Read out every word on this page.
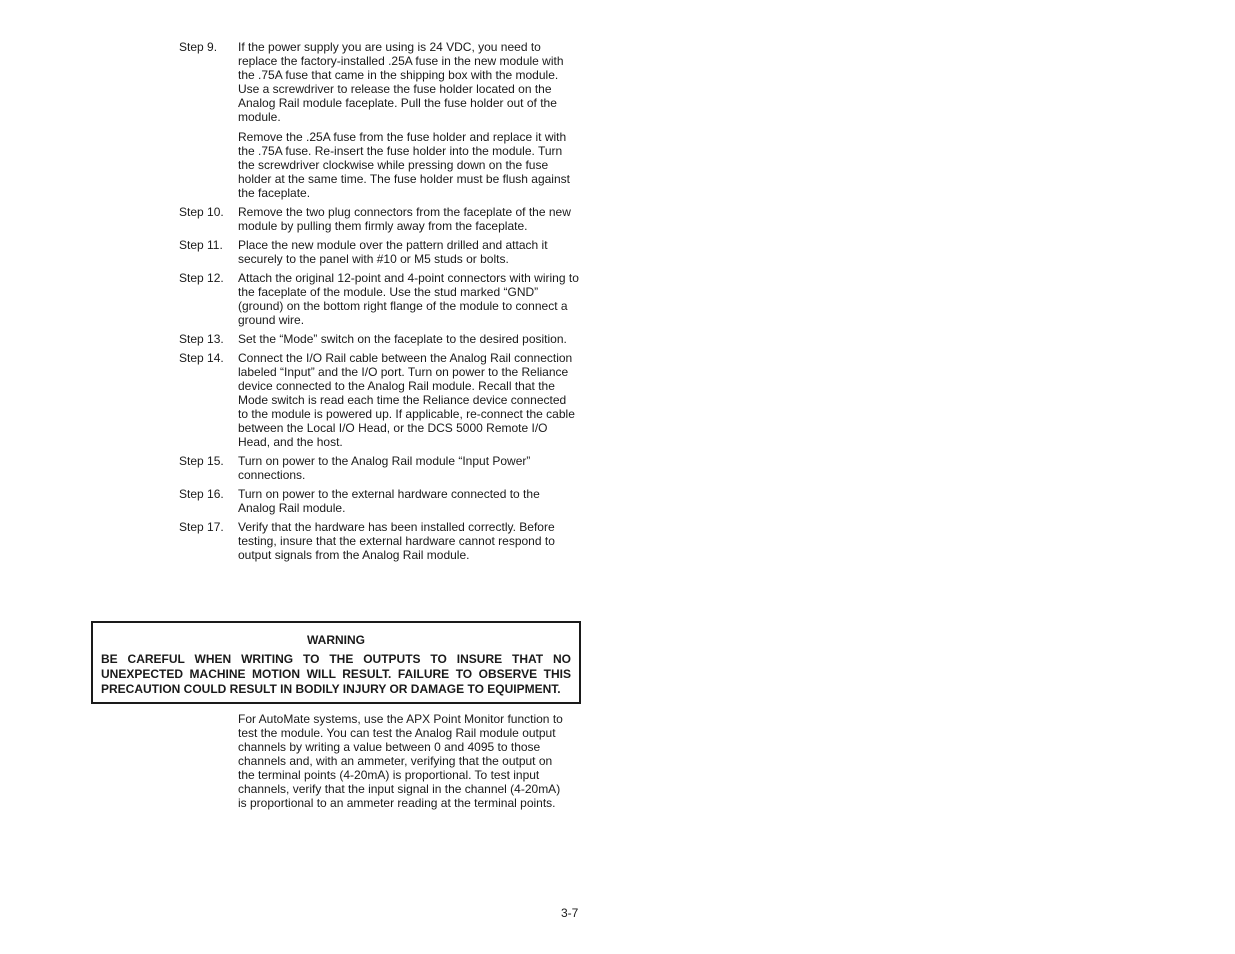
Step 9.	If the power supply you are using is 24 VDC, you need to replace the factory-installed .25A fuse in the new module with the .75A fuse that came in the shipping box with the module. Use a screwdriver to release the fuse holder located on the Analog Rail module faceplate. Pull the fuse holder out of the module.

Remove the .25A fuse from the fuse holder and replace it with the .75A fuse. Re-insert the fuse holder into the module. Turn the screwdriver clockwise while pressing down on the fuse holder at the same time. The fuse holder must be flush against the faceplate.

Step 10.	Remove the two plug connectors from the faceplate of the new module by pulling them firmly away from the faceplate.

Step 11.	Place the new module over the pattern drilled and attach it securely to the panel with #10 or M5 studs or bolts.

Step 12.	Attach the original 12-point and 4-point connectors with wiring to the faceplate of the module. Use the stud marked “GND” (ground) on the bottom right flange of the module to connect a ground wire.

Step 13.	Set the “Mode” switch on the faceplate to the desired position.

Step 14.	Connect the I/O Rail cable between the Analog Rail connection labeled “Input” and the I/O port. Turn on power to the Reliance device connected to the Analog Rail module. Recall that the Mode switch is read each time the Reliance device connected to the module is powered up. If applicable, re-connect the cable between the Local I/O Head, or the DCS 5000 Remote I/O Head, and the host.

Step 15.	Turn on power to the Analog Rail module “Input Power” connections.

Step 16.	Turn on power to the external hardware connected to the Analog Rail module.

Step 17.	Verify that the hardware has been installed correctly. Before testing, insure that the external hardware cannot respond to output signals from the Analog Rail module.

WARNING
BE CAREFUL WHEN WRITING TO THE OUTPUTS TO INSURE THAT NO UNEXPECTED MACHINE MOTION WILL RESULT. FAILURE TO OBSERVE THIS PRECAUTION COULD RESULT IN BODILY INJURY OR DAMAGE TO EQUIPMENT.

For AutoMate systems, use the APX Point Monitor function to test the module. You can test the Analog Rail module output channels by writing a value between 0 and 4095 to those channels and, with an ammeter, verifying that the output on the terminal points (4-20mA) is proportional. To test input channels, verify that the input signal in the channel (4-20mA) is proportional to an ammeter reading at the terminal points.

3-7
